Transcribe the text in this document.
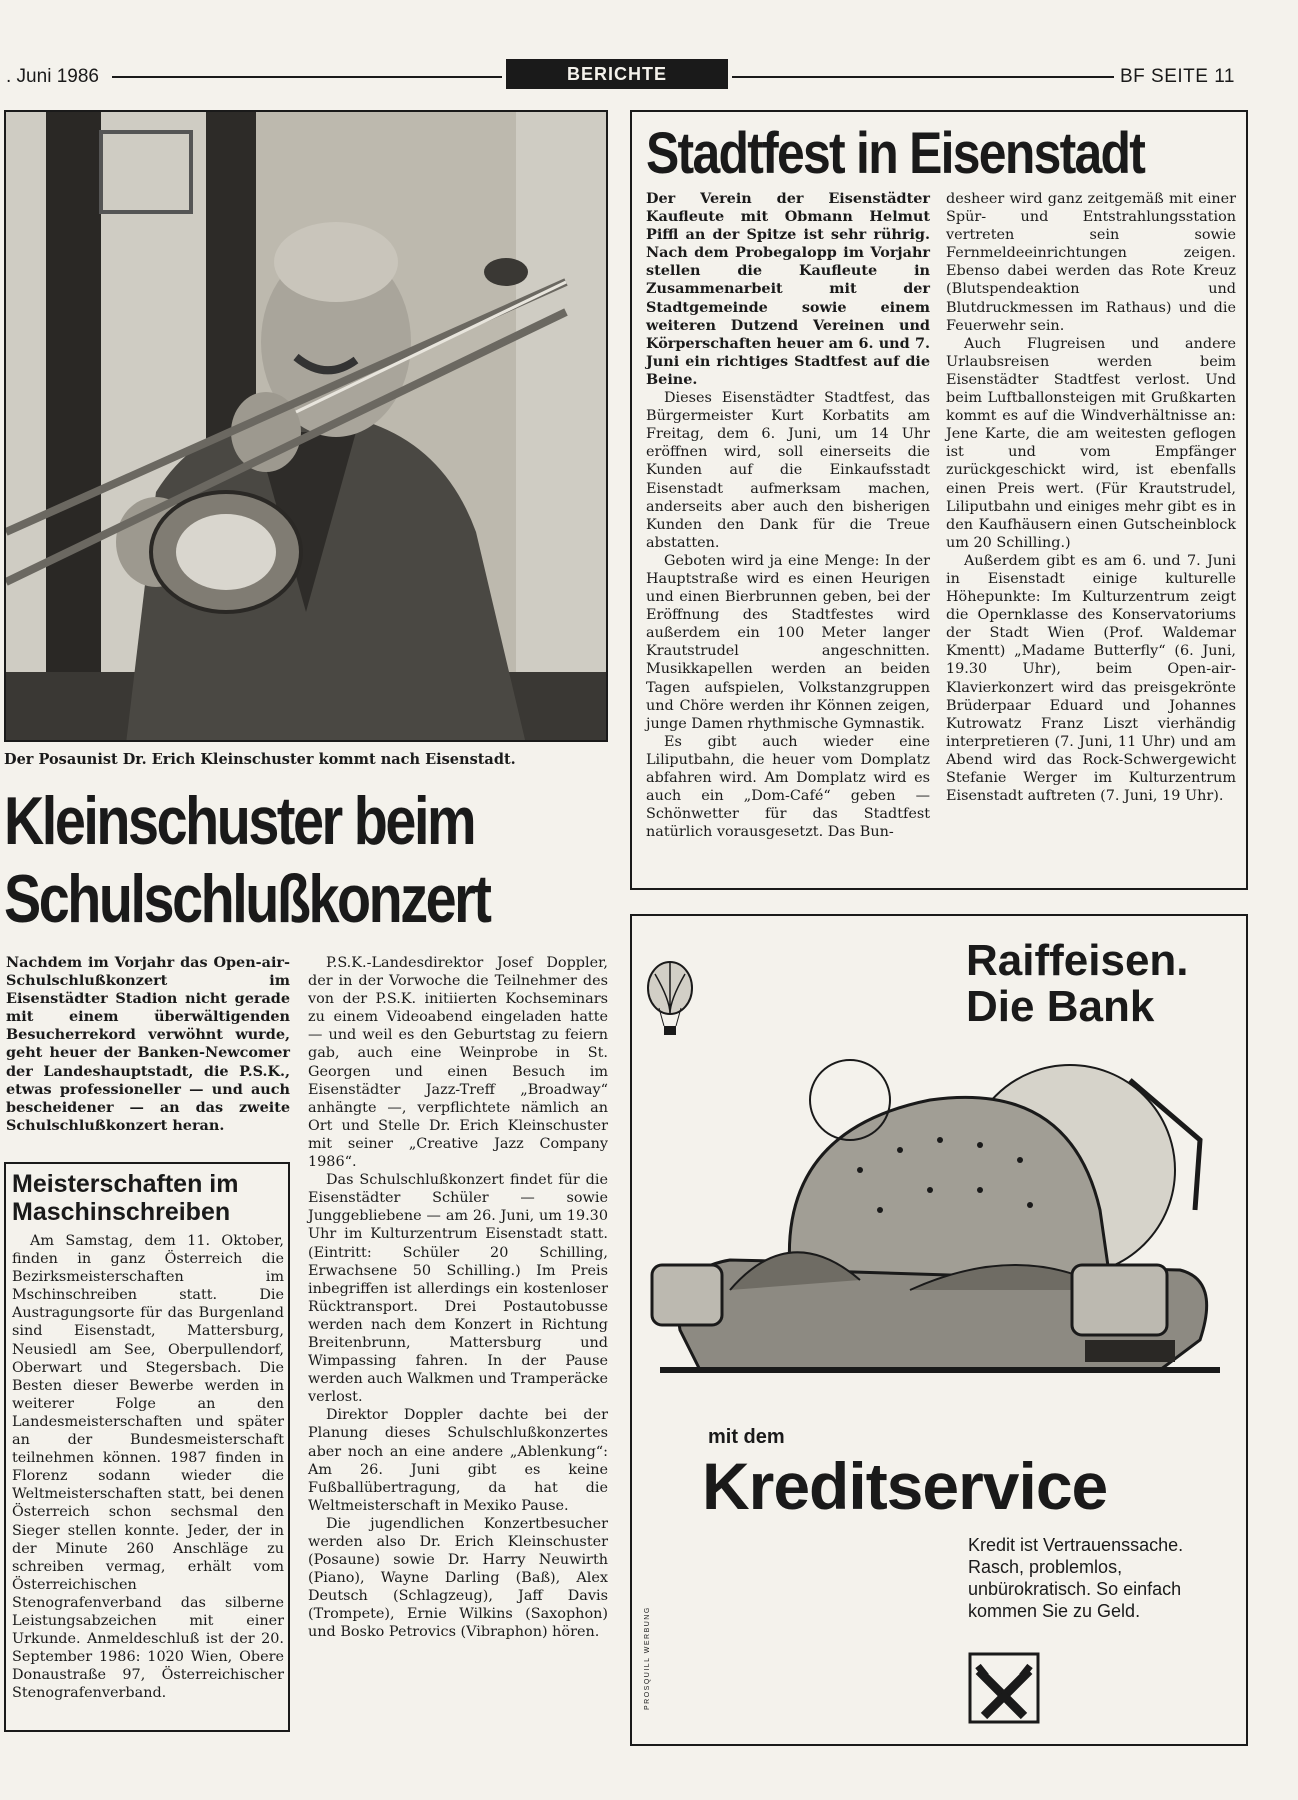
. Juni 1986	BERICHTE	BF SEITE 11
Der Posaunist Dr. Erich Kleinschuster kommt nach Eisenstadt.
Kleinschuster beim
Schulschlußkonzert

Nachdem im Vorjahr das Open-air-Schulschlußkonzert im Eisenstädter Stadion nicht gerade mit einem überwältigenden Besucherrekord verwöhnt wurde, geht heuer der Banken-Newcomer der Landeshauptstadt, die P.S.K., etwas professioneller — und auch bescheidener — an das zweite Schulschlußkonzert heran.

Meisterschaften im Maschinschreiben

Am Samstag, dem 11. Oktober, finden in ganz Österreich die Bezirksmeisterschaften im Mschinschreiben statt. Die Austragungsorte für das Burgenland sind Eisenstadt, Mattersburg, Neusiedl am See, Oberpullendorf, Oberwart und Stegersbach. Die Besten dieser Bewerbe werden in weiterer Folge an den Landesmeisterschaften und später an der Bundesmeisterschaft teilnehmen können. 1987 finden in Florenz sodann wieder die Weltmeisterschaften statt, bei denen Österreich schon sechsmal den Sieger stellen konnte. Jeder, der in der Minute 260 Anschläge zu schreiben vermag, erhält vom Österreichischen Stenografenverband das silberne Leistungsabzeichen mit einer Urkunde. Anmeldeschluß ist der 20. September 1986: 1020 Wien, Obere Donaustraße 97, Österreichischer Stenografenverband.

P.S.K.-Landesdirektor Josef Doppler, der in der Vorwoche die Teilnehmer des von der P.S.K. initiierten Kochseminars zu einem Videoabend eingeladen hatte — und weil es den Geburtstag zu feiern gab, auch eine Weinprobe in St. Georgen und einen Besuch im Eisenstädter Jazz-Treff „Broadway“ anhängte —, verpflichtete nämlich an Ort und Stelle Dr. Erich Kleinschuster mit seiner „Creative Jazz Company 1986“.

Das Schulschlußkonzert findet für die Eisenstädter Schüler — sowie Junggebliebene — am 26. Juni, um 19.30 Uhr im Kulturzentrum Eisenstadt statt. (Eintritt: Schüler 20 Schilling, Erwachsene 50 Schilling.) Im Preis inbegriffen ist allerdings ein kostenloser Rücktransport. Drei Postautobusse werden nach dem Konzert in Richtung Breitenbrunn, Mattersburg und Wimpassing fahren. In der Pause werden auch Walkmen und Tramperäcke verlost.

Direktor Doppler dachte bei der Planung dieses Schulschlußkonzertes aber noch an eine andere „Ablenkung“: Am 26. Juni gibt es keine Fußballübertragung, da hat die Weltmeisterschaft in Mexiko Pause.

Die jugendlichen Konzertbesucher werden also Dr. Erich Kleinschuster (Posaune) sowie Dr. Harry Neuwirth (Piano), Wayne Darling (Baß), Alex Deutsch (Schlagzeug), Jaff Davis (Trompete), Ernie Wilkins (Saxophon) und Bosko Petrovics (Vibraphon) hören.

Stadtfest in Eisenstadt

Der Verein der Eisenstädter Kaufleute mit Obmann Helmut Piffl an der Spitze ist sehr rührig. Nach dem Probegalopp im Vorjahr stellen die Kaufleute in Zusammenarbeit mit der Stadtgemeinde sowie einem weiteren Dutzend Vereinen und Körperschaften heuer am 6. und 7. Juni ein richtiges Stadtfest auf die Beine.

Dieses Eisenstädter Stadtfest, das Bürgermeister Kurt Korbatits am Freitag, dem 6. Juni, um 14 Uhr eröffnen wird, soll einerseits die Kunden auf die Einkaufsstadt Eisenstadt aufmerksam machen, anderseits aber auch den bisherigen Kunden den Dank für die Treue abstatten.

Geboten wird ja eine Menge: In der Hauptstraße wird es einen Heurigen und einen Bierbrunnen geben, bei der Eröffnung des Stadtfestes wird außerdem ein 100 Meter langer Krautstrudel angeschnitten. Musikkapellen werden an beiden Tagen aufspielen, Volkstanzgruppen und Chöre werden ihr Können zeigen, junge Damen rhythmische Gymnastik.

Es gibt auch wieder eine Liliputbahn, die heuer vom Domplatz abfahren wird. Am Domplatz wird es auch ein „Dom-Café“ geben — Schönwetter für das Stadtfest natürlich vorausgesetzt. Das Bun-

desheer wird ganz zeitgemäß mit einer Spür- und Entstrahlungsstation vertreten sein sowie Fernmeldeeinrichtungen zeigen. Ebenso dabei werden das Rote Kreuz (Blutspendeaktion und Blutdruckmessen im Rathaus) und die Feuerwehr sein.

Auch Flugreisen und andere Urlaubsreisen werden beim Eisenstädter Stadtfest verlost. Und beim Luftballonsteigen mit Grußkarten kommt es auf die Windverhältnisse an: Jene Karte, die am weitesten geflogen ist und vom Empfänger zurückgeschickt wird, ist ebenfalls einen Preis wert. (Für Krautstrudel, Liliputbahn und einiges mehr gibt es in den Kaufhäusern einen Gutscheinblock um 20 Schilling.)

Außerdem gibt es am 6. und 7. Juni in Eisenstadt einige kulturelle Höhepunkte: Im Kulturzentrum zeigt die Opernklasse des Konservatoriums der Stadt Wien (Prof. Waldemar Kmentt) „Madame Butterfly“ (6. Juni, 19.30 Uhr), beim Open-air-Klavierkonzert wird das preisgekrönte Brüderpaar Eduard und Johannes Kutrowatz Franz Liszt vierhändig interpretieren (7. Juni, 11 Uhr) und am Abend wird das Rock-Schwergewicht Stefanie Werger im Kulturzentrum Eisenstadt auftreten (7. Juni, 19 Uhr).

Raiffeisen.
Die Bank
mit dem
Kreditservice
Kredit ist Vertrauenssache. Rasch, problemlos, unbürokratisch. So einfach kommen Sie zu Geld.
PROSQUILL WERBUNG
